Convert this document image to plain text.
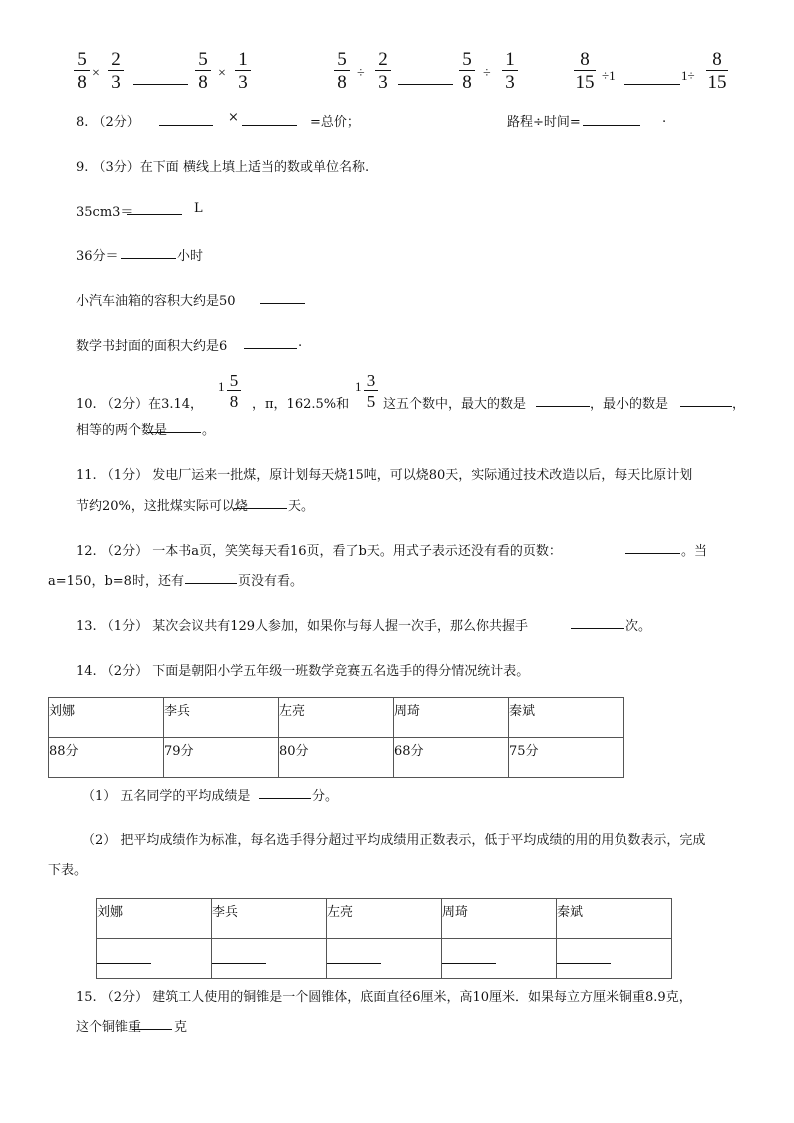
5
8 ×
2
3
5
8 ×
1
3
5
8 ÷
2
3
5
8 ÷
1
3
8
15 ÷1	1÷
8
15
8. （2分）	×	=总价；	路程÷时间=	.
9. （3分）在下面 横线上填上适当的数或单位名称.
35cm3＝	L
36分＝	小时
小汽车油箱的容积大约是50
数学书封面的面积大约是6	.
10. （2分）在3.14，
1 5
8 ，π，162.5%和
1 3
5 这五个数中，最大的数是	，最小的数是	，
相等的两个数是	。
11. （1分） 发电厂运来一批煤，原计划每天烧15吨，可以烧80天，实际通过技术改造以后，每天比原计划
节约20%，这批煤实际可以烧	天。
12. （2分） 一本书a页，笑笑每天看16页，看了b天。用式子表示还没有看的页数：	。当
a=150，b=8时，还有	页没有看。
13. （1分） 某次会议共有129人参加，如果你与每人握一次手，那么你共握手	次。
14. （2分） 下面是朝阳小学五年级一班数学竞赛五名选手的得分情况统计表。
刘娜	李兵	左亮	周琦	秦斌
88分	79分	80分	68分	75分
（1） 五名同学的平均成绩是	分。
（2） 把平均成绩作为标准，每名选手得分超过平均成绩用正数表示，低于平均成绩的用的用负数表示，完成
下表。
刘娜	李兵	左亮	周琦	秦斌

15. （2分） 建筑工人使用的铜锥是一个圆锥体，底面直径6厘米，高10厘米．如果每立方厘米铜重8.9克，
这个铜锥重	克
